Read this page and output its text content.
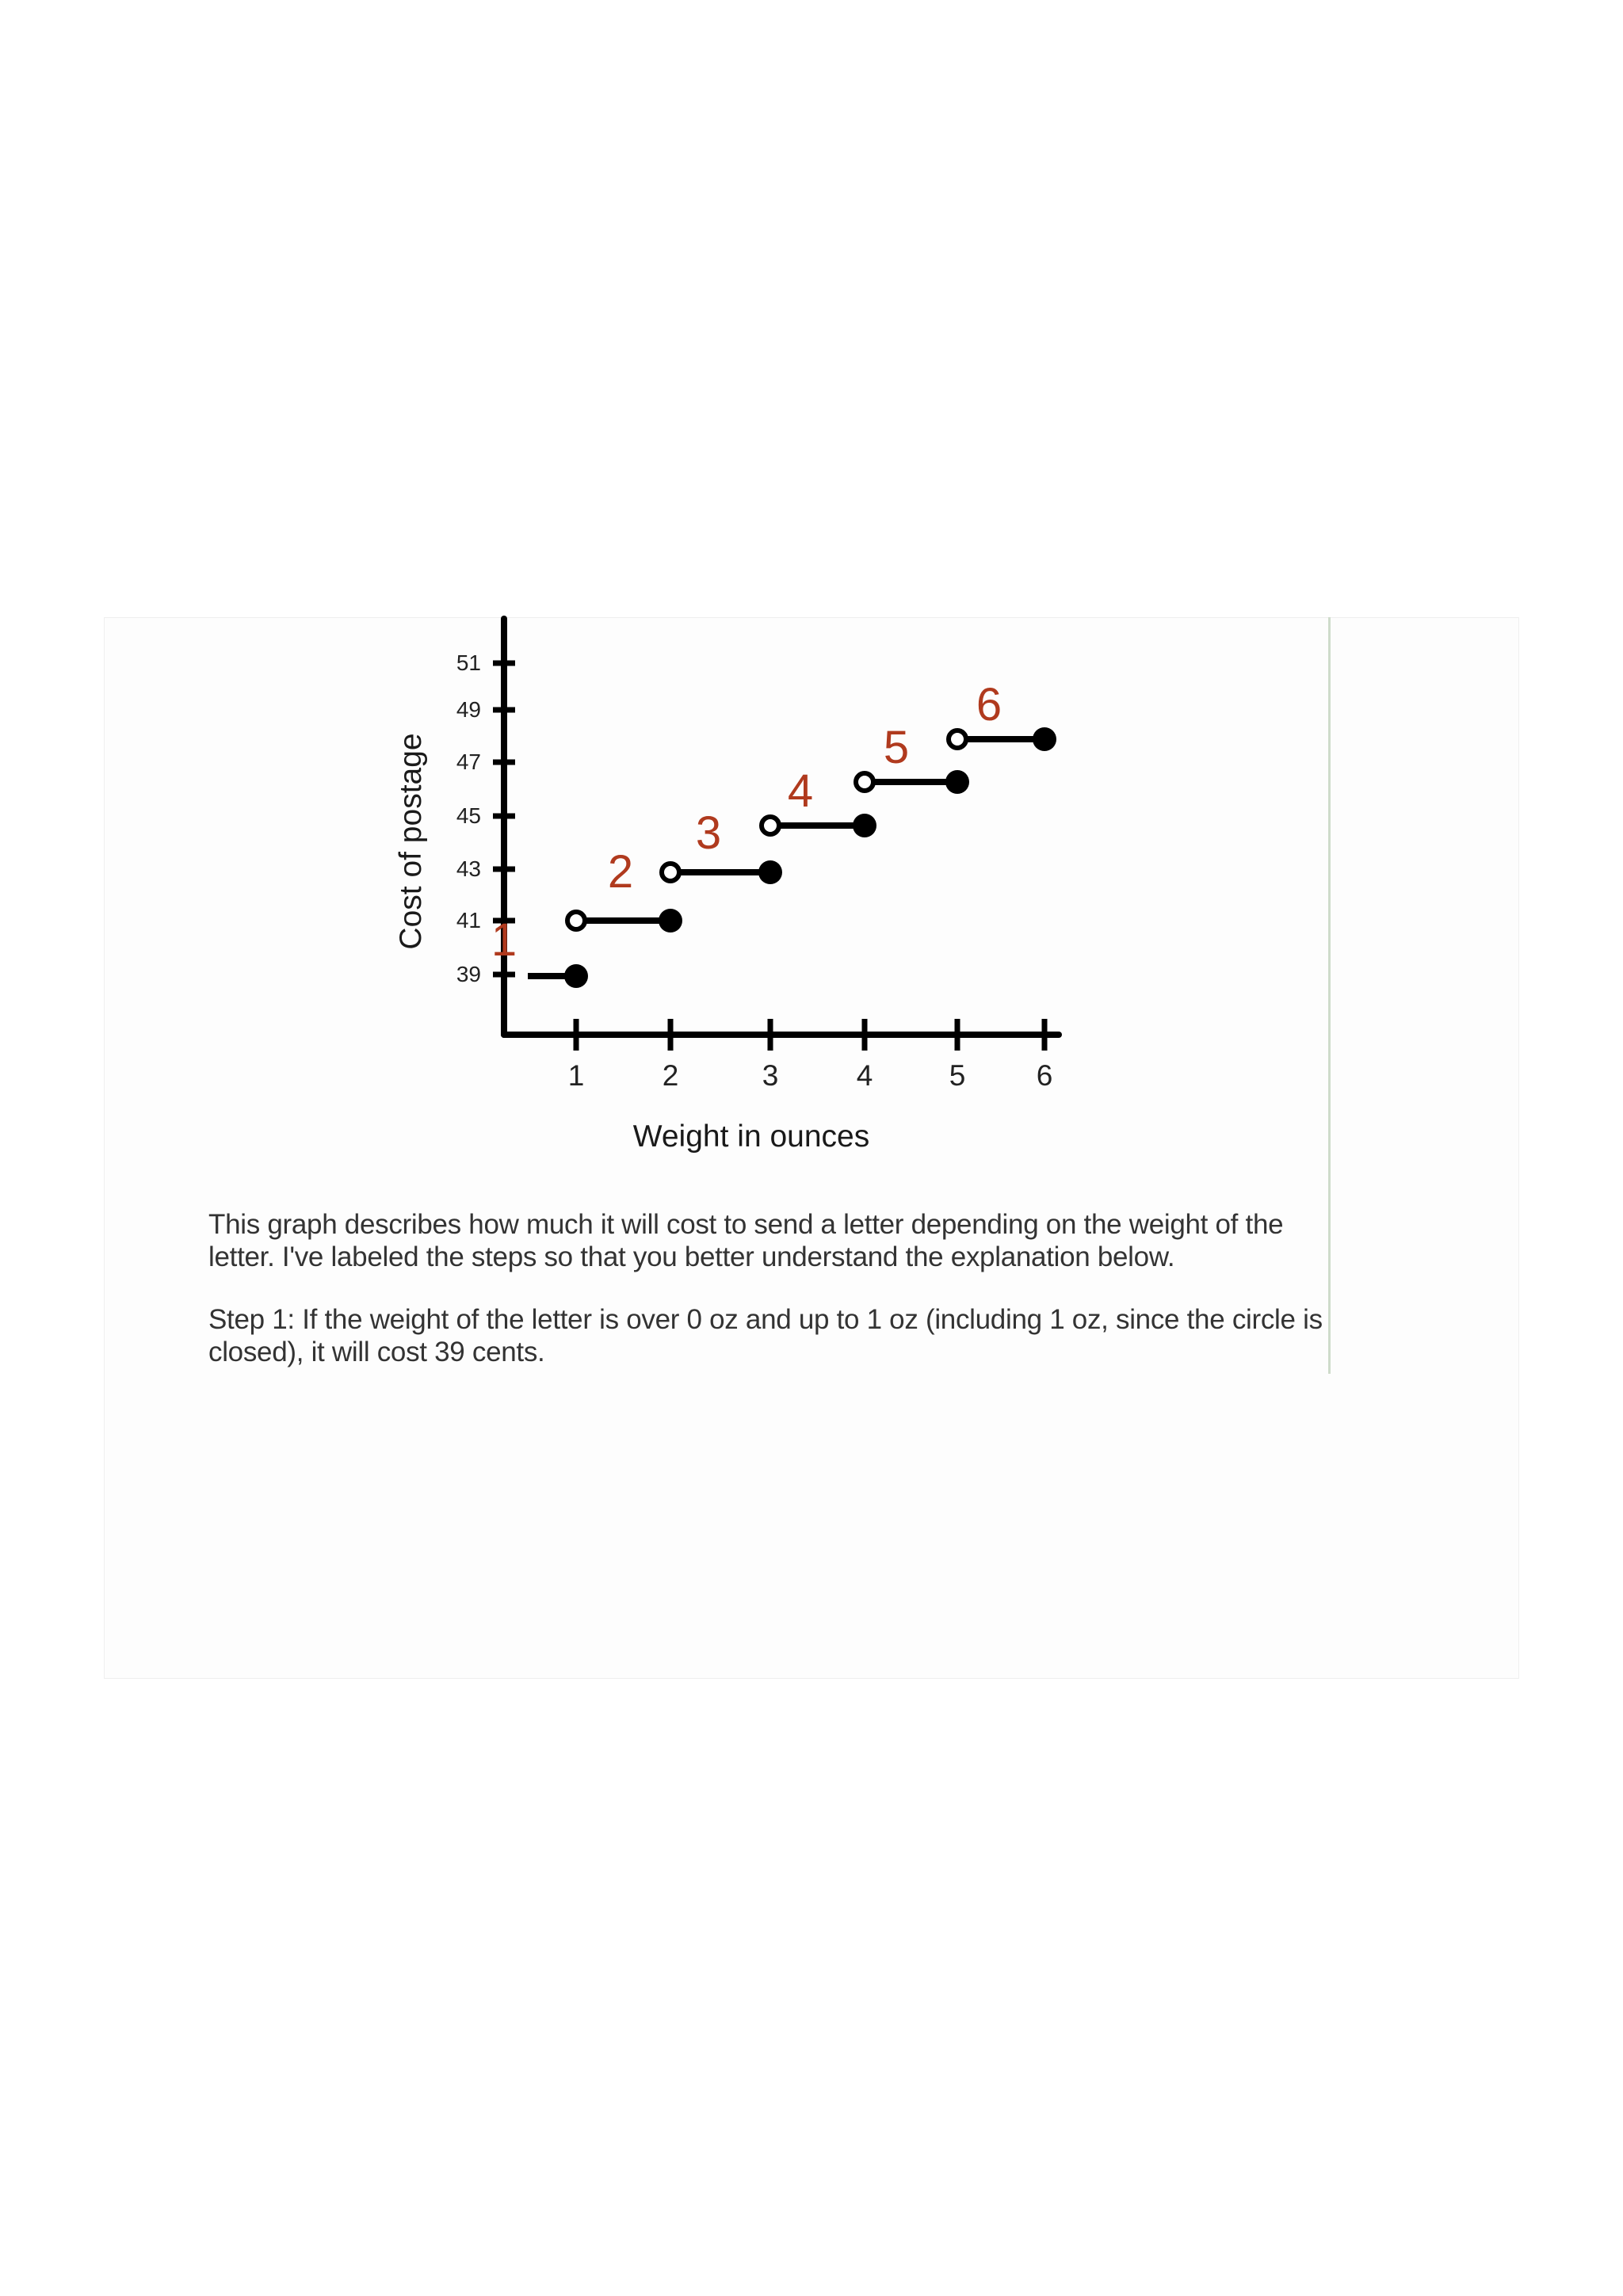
39
41
43
45
47
49
51
1	2	3	4	5 6
1
2
3
4
5
6
Weight in ounces
Cost of postage

This graph describes how much it will cost to send a letter depending on the weight of the letter. I've labeled the steps so that you better understand the explanation below.

Step 1: If the weight of the letter is over 0 oz and up to 1 oz (including 1 oz, since the circle is closed), it will cost 39 cents.
